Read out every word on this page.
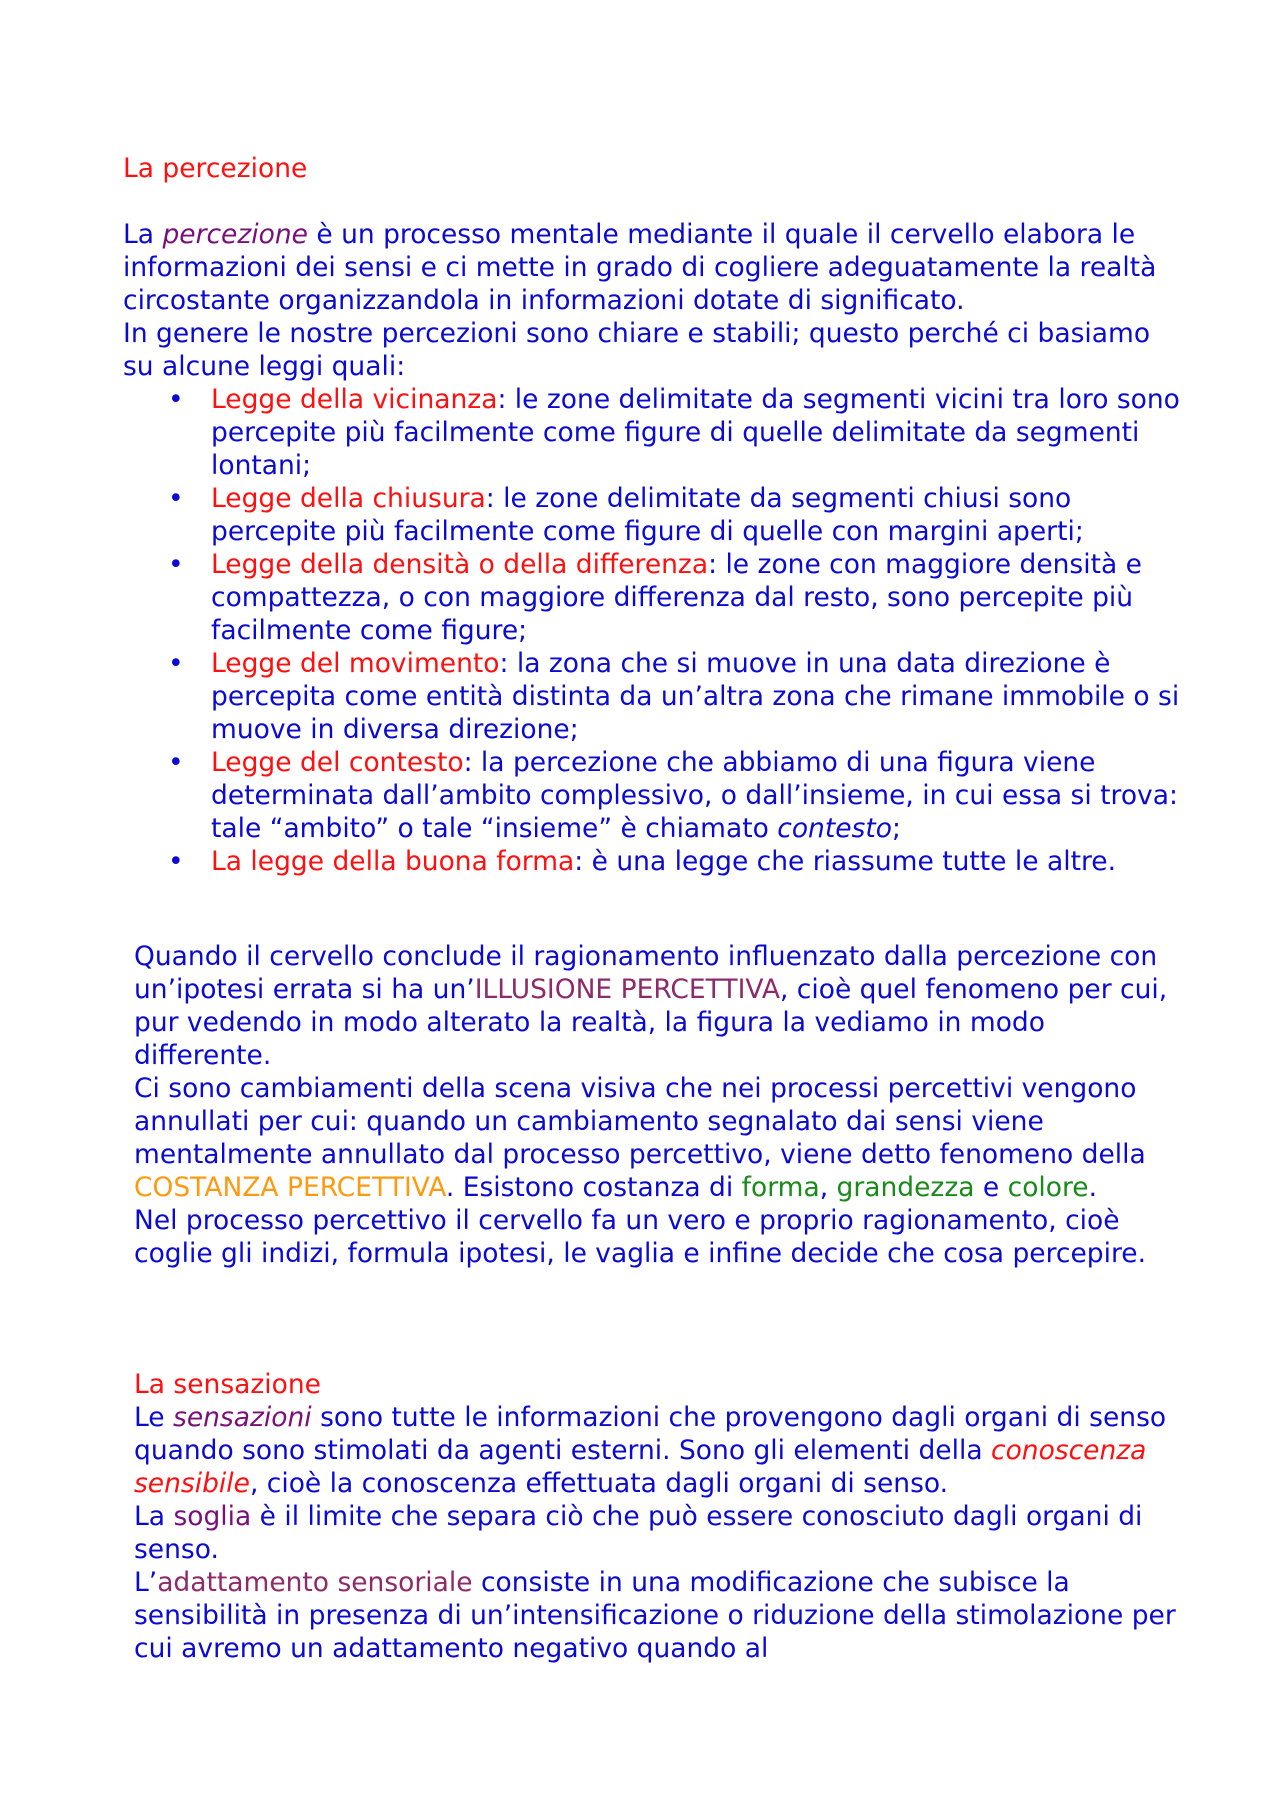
La percezione

La percezione è un processo mentale mediante il quale il cervello elabora le informazioni dei sensi e ci mette in grado di cogliere adeguatamente la realtà circostante organizzandola in informazioni dotate di significato.

In genere le nostre percezioni sono chiare e stabili; questo perché ci basiamo su alcune leggi quali:

• Legge della vicinanza: le zone delimitate da segmenti vicini tra loro sono percepite più facilmente come figure di quelle delimitate da segmenti lontani;
• Legge della chiusura: le zone delimitate da segmenti chiusi sono percepite più facilmente come figure di quelle con margini aperti;
• Legge della densità o della differenza: le zone con maggiore densità e compattezza, o con maggiore differenza dal resto, sono percepite più facilmente come figure;
• Legge del movimento: la zona che si muove in una data direzione è percepita come entità distinta da un’altra zona che rimane immobile o si muove in diversa direzione;
• Legge del contesto: la percezione che abbiamo di una figura viene determinata dall’ambito complessivo, o dall’insieme, in cui essa si trova: tale “ambito” o tale “insieme” è chiamato contesto;
• La legge della buona forma: è una legge che riassume tutte le altre.

Quando il cervello conclude il ragionamento influenzato dalla percezione con un’ipotesi errata si ha un’ILLUSIONE PERCETTIVA, cioè quel fenomeno per cui, pur vedendo in modo alterato la realtà, la figura la vediamo in modo differente.

Ci sono cambiamenti della scena visiva che nei processi percettivi vengono annullati per cui: quando un cambiamento segnalato dai sensi viene mentalmente annullato dal processo percettivo, viene detto fenomeno della COSTANZA PERCETTIVA. Esistono costanza di forma, grandezza e colore.

Nel processo percettivo il cervello fa un vero e proprio ragionamento, cioè coglie gli indizi, formula ipotesi, le vaglia e infine decide che cosa percepire.

La sensazione

Le sensazioni sono tutte le informazioni che provengono dagli organi di senso quando sono stimolati da agenti esterni. Sono gli elementi della conoscenza sensibile, cioè la conoscenza effettuata dagli organi di senso.

La soglia è il limite che separa ciò che può essere conosciuto dagli organi di senso.

L’adattamento sensoriale consiste in una modificazione che subisce la sensibilità in presenza di un’intensificazione o riduzione della stimolazione per cui avremo un adattamento negativo quando al
